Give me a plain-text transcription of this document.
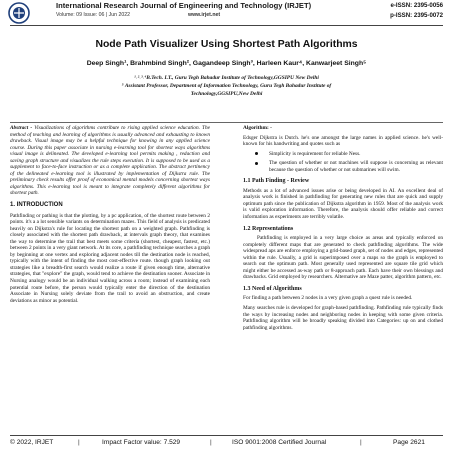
International Research Journal of Engineering and Technology (IRJET)
Volume: 09 Issue: 06 | Jun 2022	www.irjet.net
e-ISSN: 2395-0056
p-ISSN: 2395-0072
Node Path Visualizer Using Shortest Path Algorithms
Deep Singh¹, Brahmbind Singh², Gagandeep Singh³, Harleen Kaur⁴, Kanwarjeet Singh⁵
¹˒²˒³˒⁴B.Tech. I.T., Guru Tegh Bahadur Institute of Technology,GGSIPU New Delhi
⁵ Assistant Professor, Department of Information Technology, Guru Tegh Bahadur Institute of
Technology,GGSIPU,New Delhi

Abstract - Visualizations of algorithms contribute to rising applied science education. The method of teaching and learning of algorithms is usually advanced and exhausting to known drawback. Visual image may be a helpful technique for knowing in any applied science course. During this paper associate in nursing e-learning tool for shortest ways algorithms visual image is delineated. The developed e-learning tool permits making , redaction and saving graph structure and visualizes the rule steps execution. It is supposed to be used as a supplement to face-to-face instruction or as a complete application. The abstract pertinency of the delineated e-learning tool is illustrated by implementation of Dijkstra rule. The preliminary check results offer proof of economical mental models concerning shortest ways algorithms. This e-learning tool is meant to integrate completely different algorithms for shortest path.

1. INTRODUCTION

Pathfinding or pathing is that the plotting, by a pc application, of the shortest route between 2 points. it's a a lot sensible variants on determination mazes. This field of analysis is predicated heavily on Dijkstra's rule for locating the shortest path on a weighted graph. Pathfinding is closely associated with the shortest path drawback, at intervals graph theory, that examines the way to determine the trail that best meets some criteria (shortest, cheapest, fastest, etc.) between 2 points in a very giant network. At its core, a pathfinding technique searches a graph by beginning at one vertex and exploring adjacent nodes till the destination node is reached, typically with the intent of finding the most cost-effective route. though graph looking out strategies like a breadth-first search would realize a route if given enough time, alternative strategies, that "explore" the graph, would tend to achieve the destination sooner. Associate in Nursing analogy would be an individual walking across a room; instead of examining each potential route before, the person would typically enter the direction of the destination Associate in Nursing solely deviate from the trail to avoid an obstruction, and create deviations as minor as potential.

Algorithm: -

Edsger Dijkstra is Dutch. he's one amongst the large names in applied science. he's well-known for his handwriting and quotes such as

Simplicity is requirement for reliable Ness.
The question of whether or not machines will suppose is concerning as relevant because the question of whether or not submarines will swim.
1.1 Path Finding - Review

Methods as a lot of advanced issues arise or being developed in AI. An excellent deal of analysis work is finished in pathfinding for generating new rules that are quick and supply optimum path since the publication of Dijkstra algorithm in 1959. Most of the analysis work is valid exploration information. Therefore, the analysis should offer reliable and correct information as experiments are terribly volatile.

1.2 Representations

Pathfinding is employed in a very large choice as areas and typically enforced on completely different maps that are generated to check pathfinding algorithms. The wide widespread aps are enforce employing a grid-based graph, set of nodes and edges, represented within the rule. Usually, a grid is superimposed over a maps so the graph is employed to search out the optimum path. Most generally used represented are square tile grid which might either be accessed as-way path or 8-approach path. Each have their own blessings and drawbacks. Grid employed by researchers. Alternative are Maze patter, algorithm pattern, etc.

1.3 Need of Algorithms

For finding a path between 2 nodes in a very given graph a quest rule is needed.

Many searches rule is developed for graph-based pathfinding. Pathfinding rule typically finds the ways by increasing nodes and neighboring nodes in keeping with some given criteria. Pathfinding algorithm will be broadly speaking divided into Categories: up on and clothed pathfinding algorithms.

© 2022, IRJET	|	Impact Factor value: 7.529	|	ISO 9001:2008 Certified Journal	|	Page 2621
